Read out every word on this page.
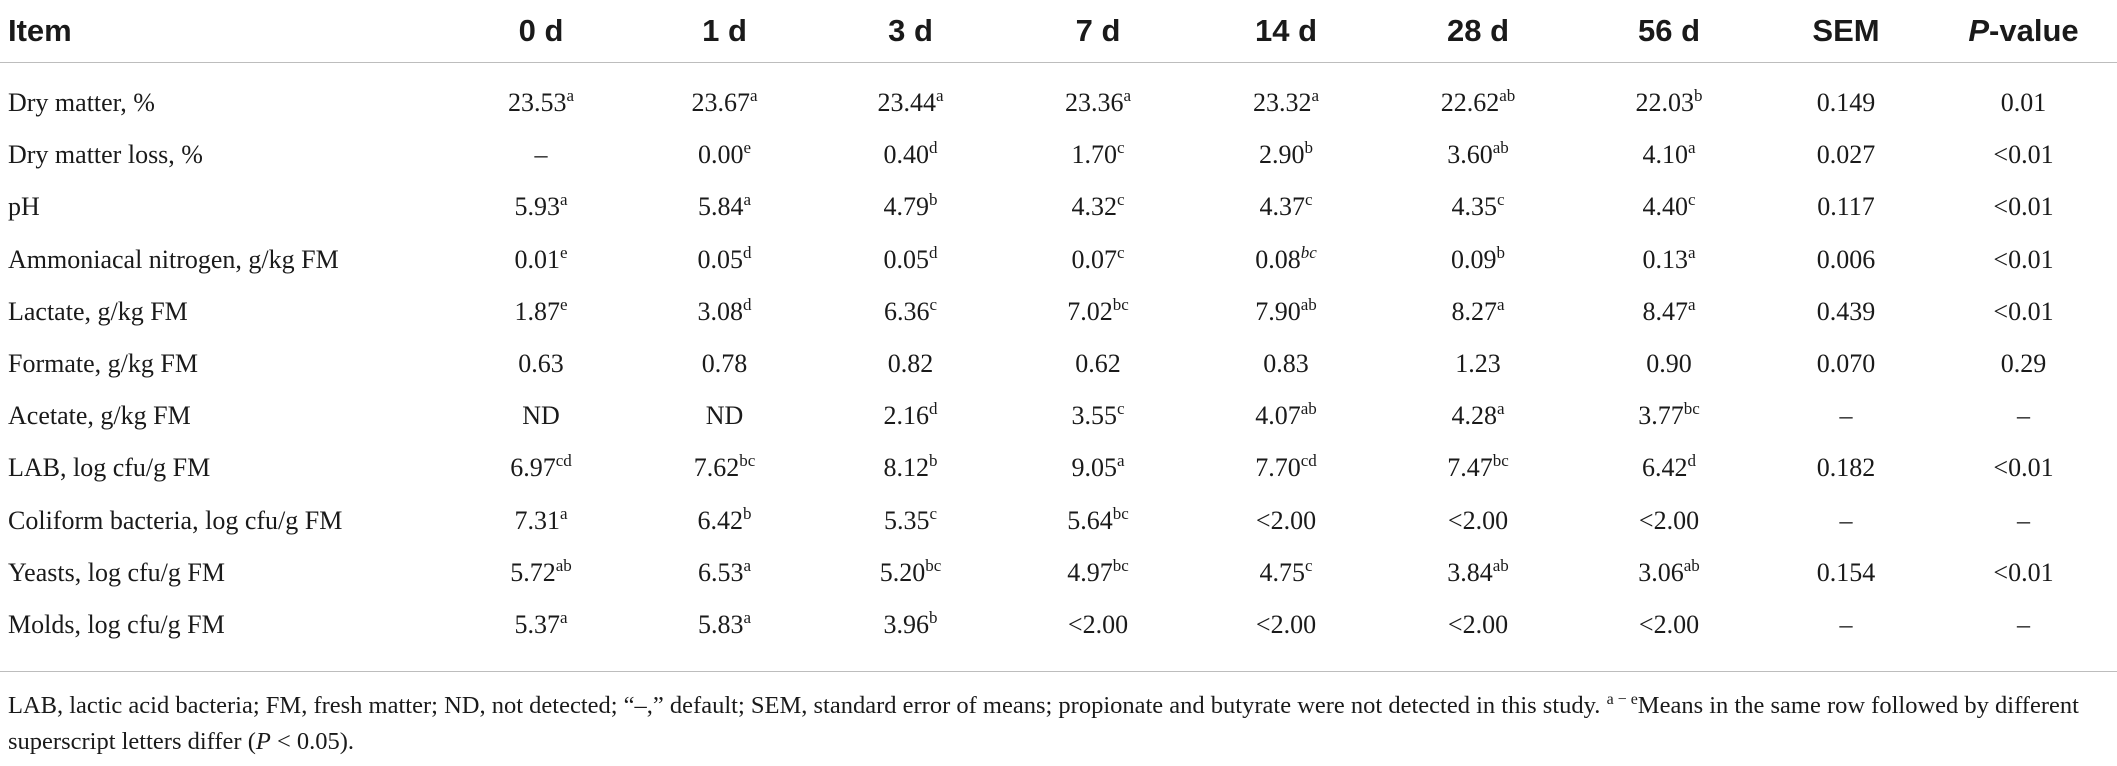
Item	0 d	1 d	3 d	7 d	14 d	28 d	56 d	SEM	P-value
Dry matter, %	23.53$^a$	23.67$^a$	23.44$^a$	23.36$^a$	23.32$^a$	22.62$^{ab}$	22.03$^b$	0.149	0.01
Dry matter loss, %	–	0.00e	0.40$^d$	1.70$^c$	2.90$^b$	3.60$^{ab}$	4.10$^a$	0.027	<0.01
pH	5.93$^a$	5.84$^a$	4.79$^b$	4.32$^c$	4.37$^c$	4.35$^c$	4.40$^c$	0.117	<0.01
Ammoniacal nitrogen, g/kg FM	0.01e	0.05$^d$	0.05$^d$	0.07$^c$	0.08$^{bc}$	0.09$^b$	0.13$^a$	0.006	<0.01
Lactate, g/kg FM	1.87e	3.08$^d$	6.36$^c$	7.02$^{bc}$	7.90$^{ab}$	8.27$^a$	8.47$^a$	0.439	<0.01
Formate, g/kg FM	0.63	0.78	0.82	0.62	0.83	1.23	0.90	0.070	0.29
Acetate, g/kg FM	ND	ND	2.16$^d$	3.55$^c$	4.07$^{ab}$	4.28$^a$	3.77$^{bc}$	–	–
LAB, log cfu/g FM	6.97$^{cd}$	7.62$^{bc}$	8.12$^b$	9.05$^a$	7.70$^{cd}$	7.47$^{bc}$	6.42$^d$	0.182	<0.01
Coliform bacteria, log cfu/g FM	7.31$^a$	6.42$^b$	5.35$^c$	5.64$^{bc}$	<2.00	<2.00	<2.00	–	–
Yeasts, log cfu/g FM	5.72$^{ab}$	6.53$^a$	5.20$^{bc}$	4.97$^{bc}$	4.75$^c$	3.84$^{ab}$	3.06$^{ab}$	0.154	<0.01
Molds, log cfu/g FM	5.37$^a$	5.83$^a$	3.96$^b$	<2.00	<2.00	<2.00	<2.00	–	–
LAB, lactic acid bacteria; FM, fresh matter; ND, not detected; “–,” default; SEM, standard error of means; propionate and butyrate were not detected in this study. $^{a - e}$Means in the same row followed by different superscript letters differ (P < 0.05).
